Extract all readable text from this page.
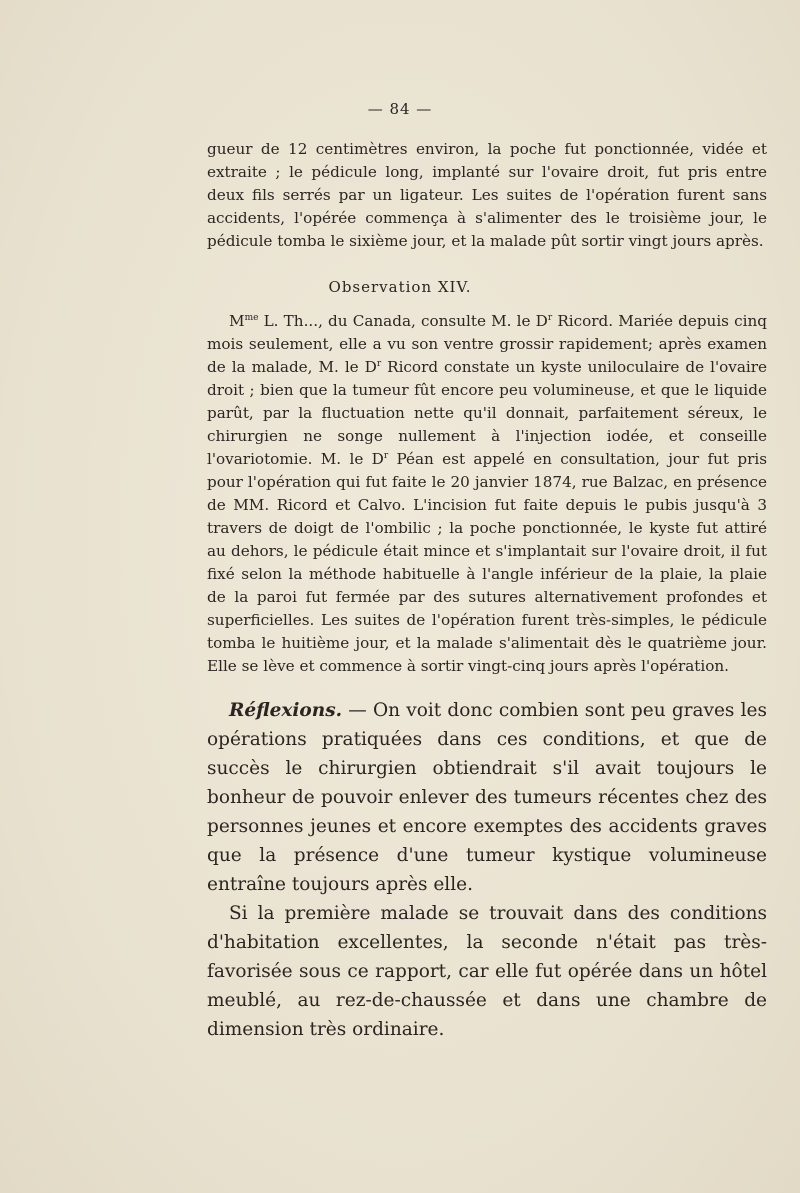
— 84 —

gueur de 12 centimètres environ, la poche fut ponctionnée, vidée et extraite ; le pédicule long, implanté sur l'ovaire droit, fut pris entre deux fils serrés par un ligateur. Les suites de l'opération furent sans accidents, l'opérée commença à s'alimenter des le troisième jour, le pédicule tomba le sixième jour, et la malade pût sortir vingt jours après.

Observation XIV.

$M^{me}$ L. Th..., du Canada, consulte M. le $D^r$ Ricord. Mariée depuis cinq mois seulement, elle a vu son ventre grossir rapidement; après examen de la malade, M. le $D^r$ Ricord constate un kyste uniloculaire de l'ovaire droit ; bien que la tumeur fût encore peu volumineuse, et que le liquide parût, par la fluctuation nette qu'il donnait, parfaitement séreux, le chirurgien ne songe nullement à l'injection iodée, et conseille l'ovariotomie. M. le $D^r$ Péan est appelé en consultation, jour fut pris pour l'opération qui fut faite le 20 janvier 1874, rue Balzac, en présence de MM. Ricord et Calvo. L'incision fut faite depuis le pubis jusqu'à 3 travers de doigt de l'ombilic ; la poche ponctionnée, le kyste fut attiré au dehors, le pédicule était mince et s'implantait sur l'ovaire droit, il fut fixé selon la méthode habituelle à l'angle inférieur de la plaie, la plaie de la paroi fut fermée par des sutures alternativement profondes et superficielles. Les suites de l'opération furent très-simples, le pédicule tomba le huitième jour, et la malade s'alimentait dès le quatrième jour. Elle se lève et commence à sortir vingt-cinq jours après l'opération.

Réflexions. — On voit donc combien sont peu graves les opérations pratiquées dans ces conditions, et que de succès le chirurgien obtiendrait s'il avait toujours le bonheur de pouvoir enlever des tumeurs récentes chez des personnes jeunes et encore exemptes des accidents graves que la présence d'une tumeur kystique volumineuse entraîne toujours après elle.

Si la première malade se trouvait dans des conditions d'habitation excellentes, la seconde n'était pas très-favorisée sous ce rapport, car elle fut opérée dans un hôtel meublé, au rez-de-chaussée et dans une chambre de dimension très ordinaire.
